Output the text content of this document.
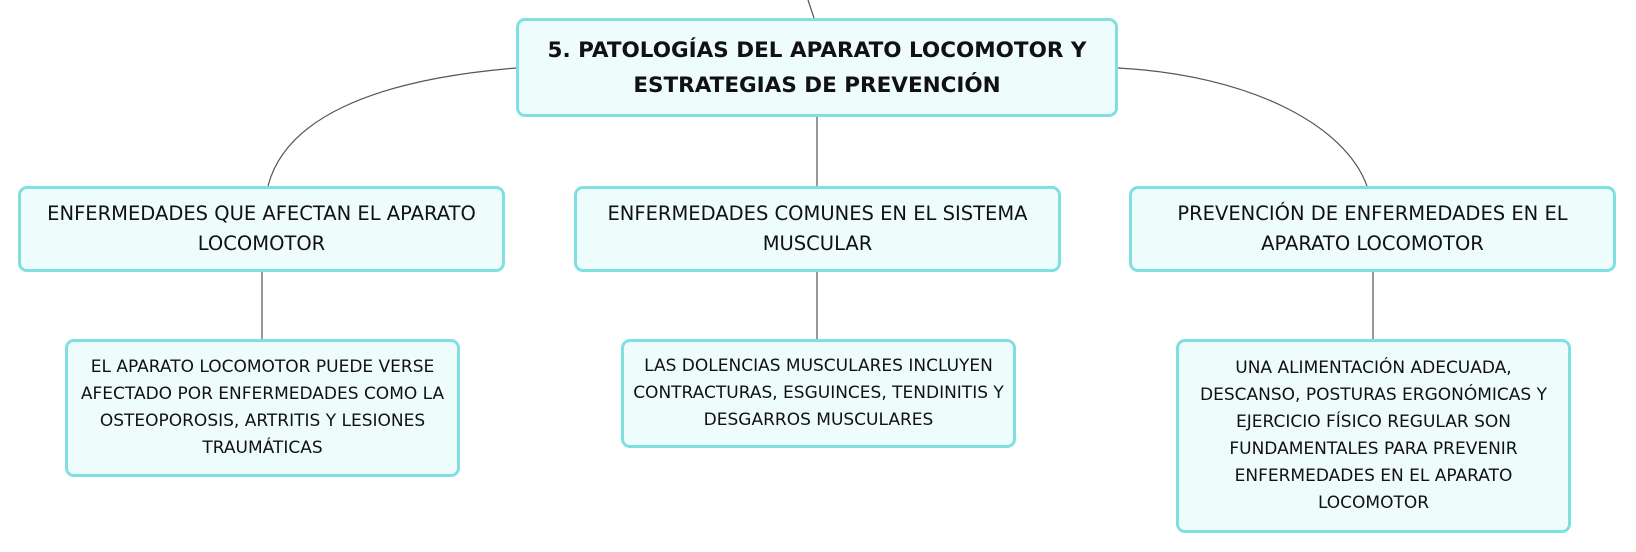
5. PATOLOGÍAS DEL APARATO LOCOMOTOR Y ESTRATEGIAS DE PREVENCIÓN
ENFERMEDADES QUE AFECTAN EL APARATO LOCOMOTOR
ENFERMEDADES COMUNES EN EL SISTEMA MUSCULAR
PREVENCIÓN DE ENFERMEDADES EN EL APARATO LOCOMOTOR
EL APARATO LOCOMOTOR PUEDE VERSE AFECTADO POR ENFERMEDADES COMO LA OSTEOPOROSIS, ARTRITIS Y LESIONES TRAUMÁTICAS
LAS DOLENCIAS MUSCULARES INCLUYEN CONTRACTURAS, ESGUINCES, TENDINITIS Y DESGARROS MUSCULARES
UNA ALIMENTACIÓN ADECUADA, DESCANSO, POSTURAS ERGONÓMICAS Y EJERCICIO FÍSICO REGULAR SON FUNDAMENTALES PARA PREVENIR ENFERMEDADES EN EL APARATO LOCOMOTOR
